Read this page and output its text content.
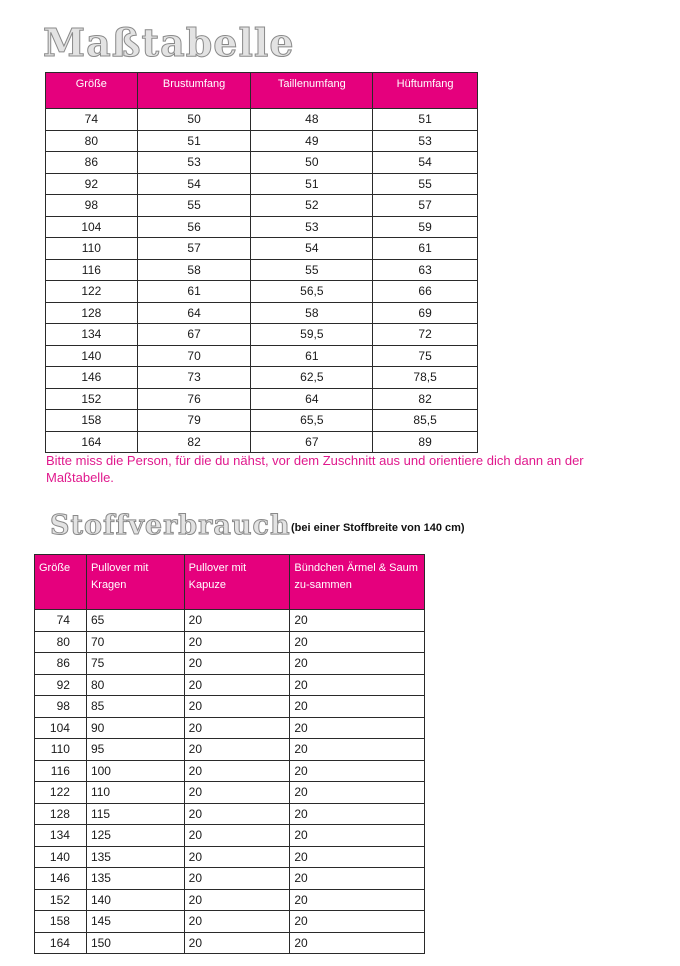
Maßtabelle
Größe	Brustumfang	Taillenumfang	Hüftumfang
74	50	48	51
80	51	49	53
86	53	50	54
92	54	51	55
98	55	52	57
104	56	53	59
110	57	54	61
116	58	55	63
122	61	56,5	66
128	64	58	69
134	67	59,5	72
140	70	61	75
146	73	62,5	78,5
152	76	64	82
158	79	65,5	85,5
164	82	67	89

Bitte miss die Person, für die du nähst, vor dem Zuschnitt aus und orientiere dich dann an der Maßtabelle.

Stoffverbrauch (bei einer Stoffbreite von 140 cm)
Größe	Pullover mit Kragen	Pullover mit Kapuze	Bündchen Ärmel & Saum zu-sammen
74	65	20	20
80	70	20	20
86	75	20	20
92	80	20	20
98	85	20	20
104	90	20	20
110	95	20	20
116	100	20	20
122	110	20	20
128	115	20	20
134	125	20	20
140	135	20	20
146	135	20	20
152	140	20	20
158	145	20	20
164	150	20	20
